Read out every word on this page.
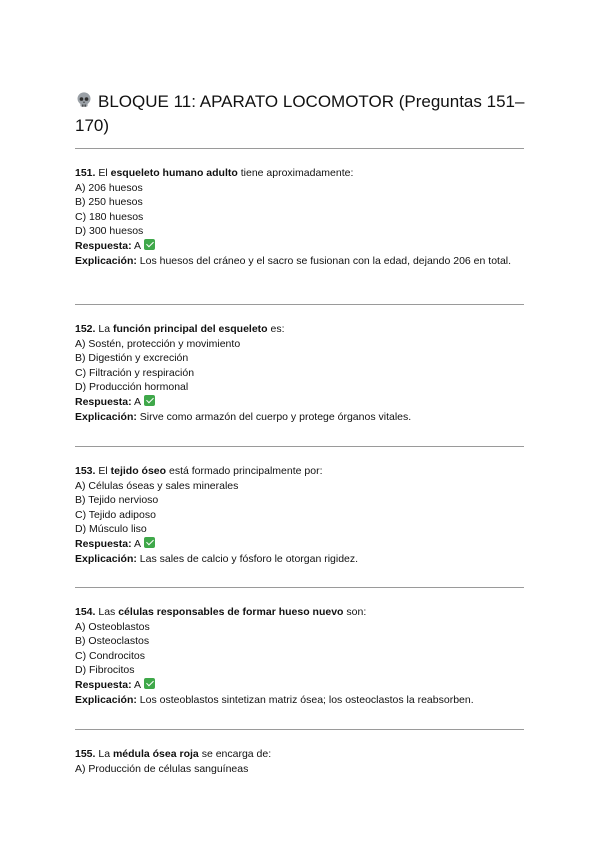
BLOQUE 11: APARATO LOCOMOTOR (Preguntas 151–170)

151. El esqueleto humano adulto tiene aproximadamente:

A) 206 huesos

B) 250 huesos

C) 180 huesos

D) 300 huesos

Respuesta: A

Explicación: Los huesos del cráneo y el sacro se fusionan con la edad, dejando 206 en total.

152. La función principal del esqueleto es:

A) Sostén, protección y movimiento

B) Digestión y excreción

C) Filtración y respiración

D) Producción hormonal

Respuesta: A

Explicación: Sirve como armazón del cuerpo y protege órganos vitales.

153. El tejido óseo está formado principalmente por:

A) Células óseas y sales minerales

B) Tejido nervioso

C) Tejido adiposo

D) Músculo liso

Respuesta: A

Explicación: Las sales de calcio y fósforo le otorgan rigidez.

154. Las células responsables de formar hueso nuevo son:

A) Osteoblastos

B) Osteoclastos

C) Condrocitos

D) Fibrocitos

Respuesta: A

Explicación: Los osteoblastos sintetizan matriz ósea; los osteoclastos la reabsorben.

155. La médula ósea roja se encarga de:

A) Producción de células sanguíneas
